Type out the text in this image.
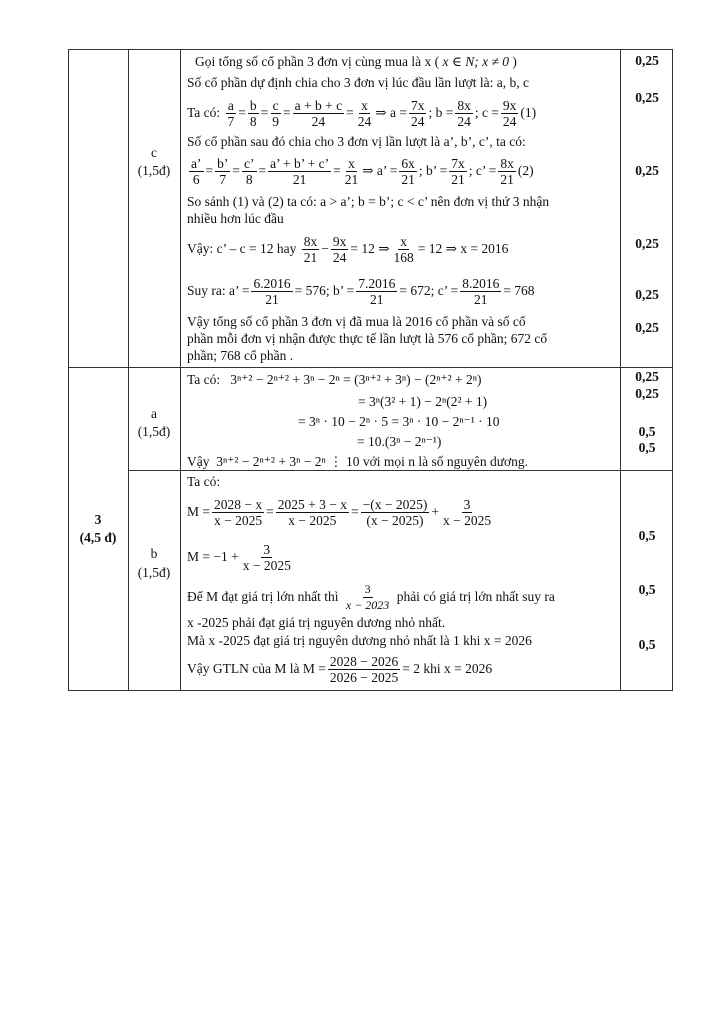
c
(1,5đ)
Gọi tổng số cổ phần 3 đơn vị cùng mua là x ( x ∈ N; x ≠ 0 )
Số cổ phần dự định chia cho 3 đơn vị lúc đầu lần lượt là: a, b, c
Ta có:
$\frac{a}{7} = \frac{b}{8} = \frac{c}{9} = \frac{a + b + c}{24} = \frac{x}{24}$ ⇒ $a = \frac{7x}{24}$ ; $b = \frac{8x}{24}$ ; $c = \frac{9x}{24} (1)$
Số cổ phần sau đó chia cho 3 đơn vị lần lượt là a’, b’, c’, ta có:
$\frac{a’}{6} = \frac{b’}{7} = \frac{c’}{8} = \frac{a’ + b’ + c’}{21} = \frac{x}{21}$ ⇒ a’ = $\frac{6x}{21}$ ; b’ = $\frac{7x}{21}$ ; c’ = $\frac{8x}{21} (2)$
So sánh (1) và (2) ta có: a > a’; b = b’; c < c’ nên đơn vị thứ 3 nhận
nhiều hơn lúc đầu
Vậy: c’ – c = 12 hay
$\frac{8x}{21} - \frac{9x}{24} = 12$ ⇒ $\frac{x}{168} = 12$ ⇒ x = 2016
Suy ra:
a’ = $\frac{6.2016}{21} = 576$; b’ = $\frac{7.2016}{21} = 672$; c’ = $\frac{8.2016}{21} = 768$
Vậy tổng số cổ phần 3 đơn vị đã mua là 2016 cổ phần và số cổ
phần mỗi đơn vị nhận được thực tế lần lượt là 576 cổ phần; 672 cổ
phần; 768 cổ phần .
0,25
0,25
0,25
0,25
0,25
0,25
3
(4,5 đ)
a
(1,5đ)
Ta có: 3ⁿ⁺² − 2ⁿ⁺² + 3ⁿ − 2ⁿ = (3ⁿ⁺² + 3ⁿ) − (2ⁿ⁺² + 2ⁿ)
= 3ⁿ(3² + 1) − 2ⁿ(2² + 1)
= 3ⁿ · 10 − 2ⁿ · 5 = 3ⁿ · 10 − 2ⁿ⁻¹ · 10
= 10.(3ⁿ − 2ⁿ⁻¹)
Vậy 3ⁿ⁺² − 2ⁿ⁺² + 3ⁿ − 2ⁿ ⋮ 10 với mọi n là số nguyên dương.
0,25
0,25
0,5
0,5
b
(1,5đ)
Ta có:
$M = \frac{2028 - x}{x - 2025} = \frac{2025 + 3 - x}{x - 2025} = \frac{-(x - 2025)}{(x - 2025)} + \frac{3}{x - 2025}$
$M = -1 + \frac{3}{x - 2025}$
Để M đạt giá trị lớn nhất thì
$\frac{3}{x - 2023}$
phải có giá trị lớn nhất suy ra
x -2025 phải đạt giá trị nguyên dương nhỏ nhất.
Mà x -2025 đạt giá trị nguyên dương nhỏ nhất là 1 khi x = 2026
Vậy GTLN của M là
$M = \frac{2028 - 2026}{2026 - 2025} = 2$ khi x = 2026
0,5
0,5
0,5
